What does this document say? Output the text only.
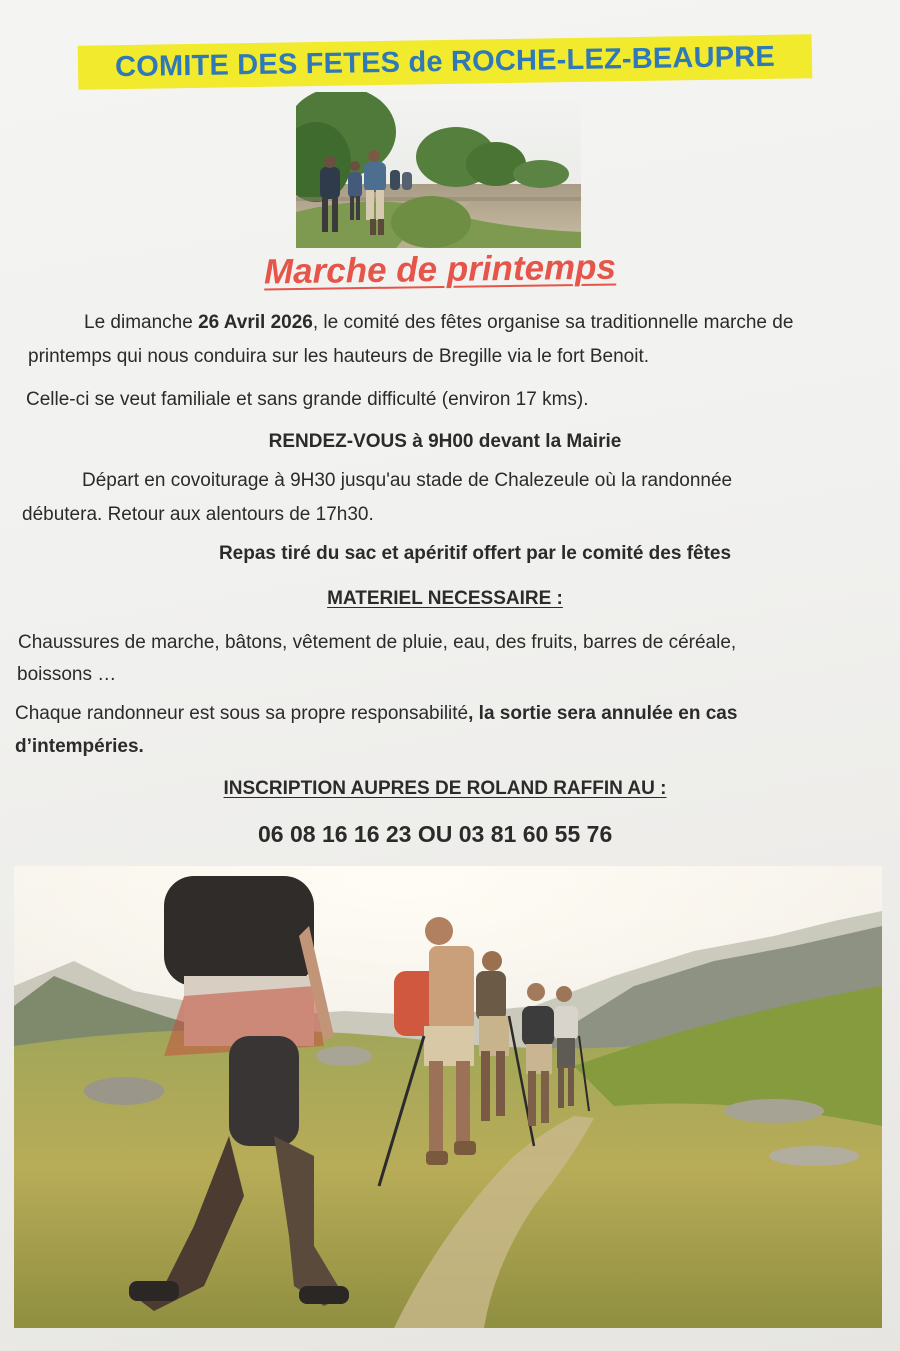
COMITE DES FETES de ROCHE-LEZ-BEAUPRE
Marche de printemps
Le dimanche 26 Avril 2026, le comité des fêtes organise sa traditionnelle marche de
printemps qui nous conduira sur les hauteurs de Bregille via le fort Benoit.
Celle-ci se veut familiale et sans grande difficulté (environ 17 kms).
RENDEZ-VOUS à 9H00 devant la Mairie
Départ en covoiturage à 9H30 jusqu'au stade de Chalezeule où la randonnée
débutera. Retour aux alentours de 17h30.
Repas tiré du sac et apéritif offert par le comité des fêtes
MATERIEL NECESSAIRE :
Chaussures de marche, bâtons, vêtement de pluie, eau, des fruits, barres de céréale,
boissons …
Chaque randonneur est sous sa propre responsabilité, la sortie sera annulée en cas
d’intempéries.
INSCRIPTION AUPRES DE ROLAND RAFFIN AU :
06 08 16 16 23 OU 03 81 60 55 76
